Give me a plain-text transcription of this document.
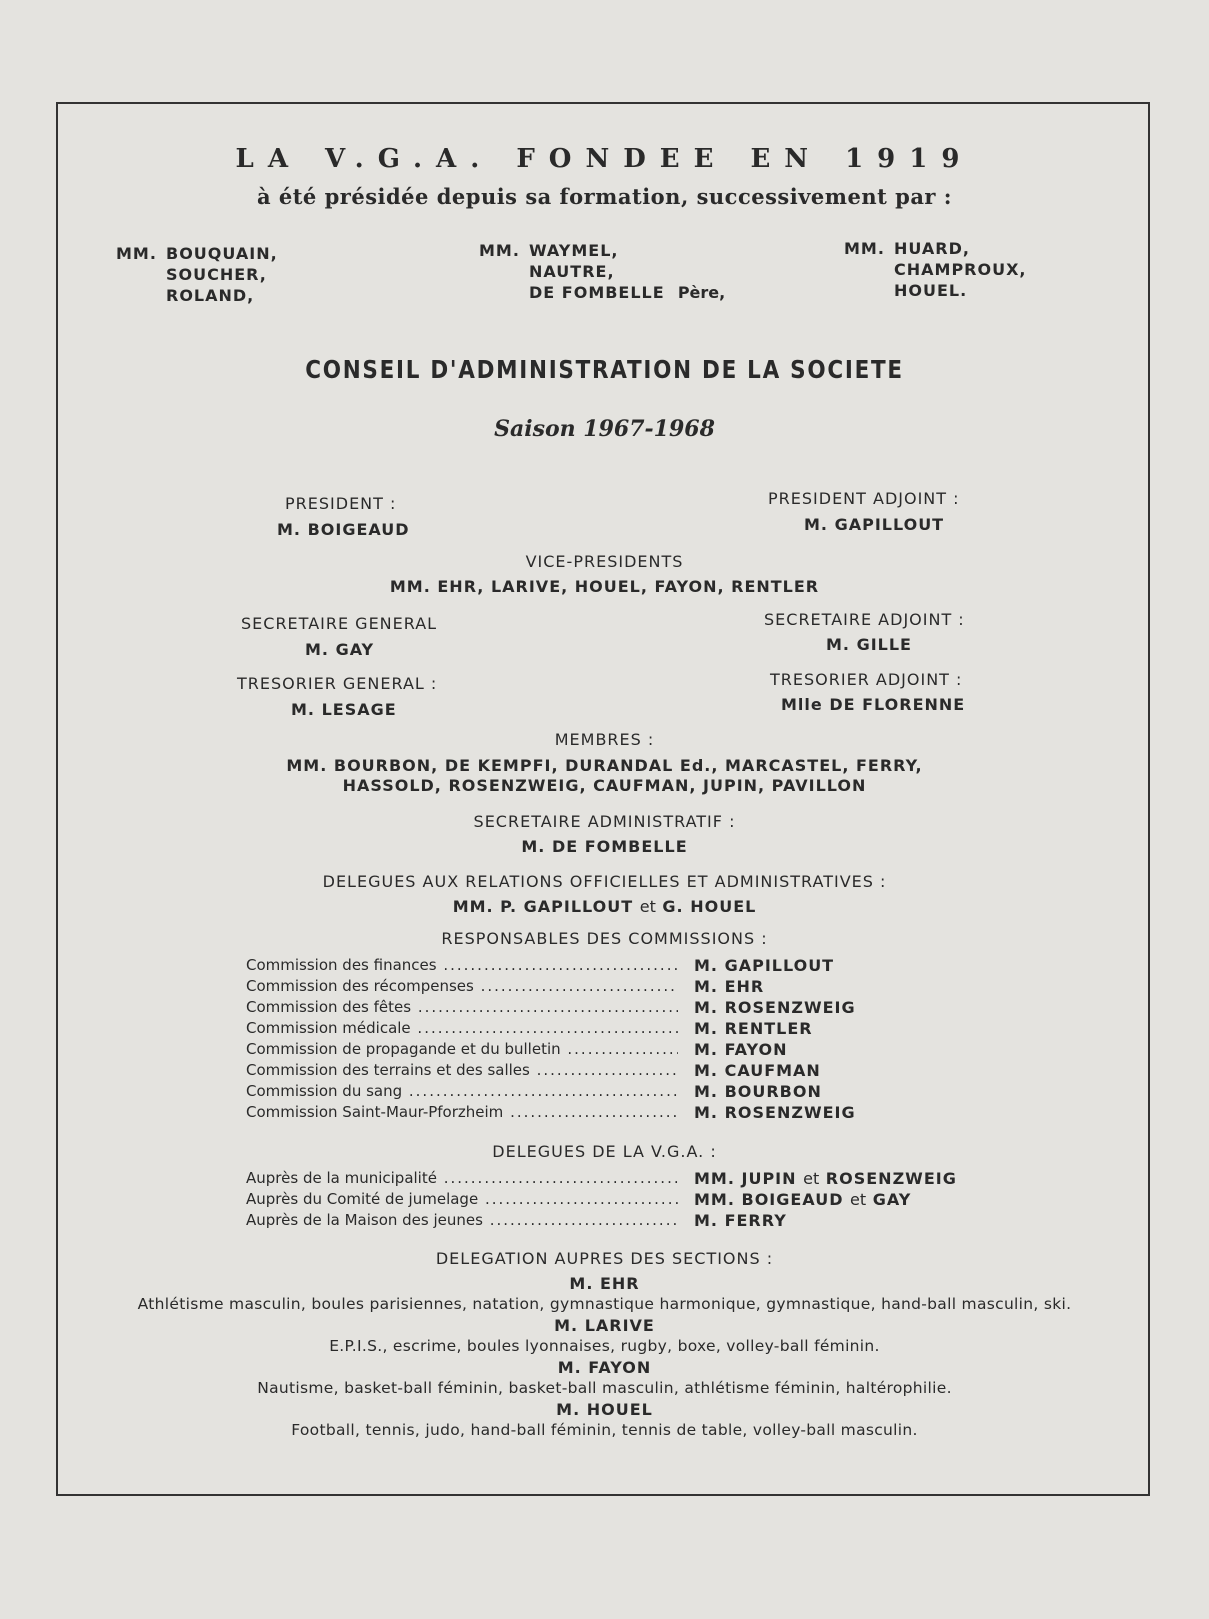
LA V.G.A. FONDEE EN 1919
à été présidée depuis sa formation, successivement par :
MM. BOUQUAIN,
SOUCHER,
ROLAND,
MM. WAYMEL,
NAUTRE,
DE FOMBELLE Père,
MM. HUARD,
CHAMPROUX,
HOUEL.
CONSEIL D'ADMINISTRATION DE LA SOCIETE
Saison 1967-1968
PRESIDENT :
M. BOIGEAUD
PRESIDENT ADJOINT :
M. GAPILLOUT
VICE-PRESIDENTS
MM. EHR, LARIVE, HOUEL, FAYON, RENTLER
SECRETAIRE GENERAL
M. GAY
SECRETAIRE ADJOINT :
M. GILLE
TRESORIER GENERAL :
M. LESAGE
TRESORIER ADJOINT :
Mlle DE FLORENNE
MEMBRES :
MM. BOURBON, DE KEMPFI, DURANDAL Ed., MARCASTEL, FERRY,
HASSOLD, ROSENZWEIG, CAUFMAN, JUPIN, PAVILLON
SECRETAIRE ADMINISTRATIF :
M. DE FOMBELLE
DELEGUES AUX RELATIONS OFFICIELLES ET ADMINISTRATIVES :
MM. P. GAPILLOUT et G. HOUEL
RESPONSABLES DES COMMISSIONS :
Commission des finances .....	M. GAPILLOUT
Commission des récompenses .....	M. EHR
Commission des fêtes .....	M. ROSENZWEIG
Commission médicale .....	M. RENTLER
Commission de propagande et du bulletin .....	M. FAYON
Commission des terrains et des salles .....	M. CAUFMAN
Commission du sang .....	M. BOURBON
Commission Saint-Maur-Pforzheim .....	M. ROSENZWEIG
DELEGUES DE LA V.G.A. :
Auprès de la municipalité .....	MM. JUPIN et ROSENZWEIG
Auprès du Comité de jumelage .....	MM. BOIGEAUD et GAY
Auprès de la Maison des jeunes .....	M. FERRY
DELEGATION AUPRES DES SECTIONS :
M. EHR
Athlétisme masculin, boules parisiennes, natation, gymnastique harmonique, gymnastique, hand-ball masculin, ski.
M. LARIVE
E.P.I.S., escrime, boules lyonnaises, rugby, boxe, volley-ball féminin.
M. FAYON
Nautisme, basket-ball féminin, basket-ball masculin, athlétisme féminin, haltérophilie.
M. HOUEL
Football, tennis, judo, hand-ball féminin, tennis de table, volley-ball masculin.
